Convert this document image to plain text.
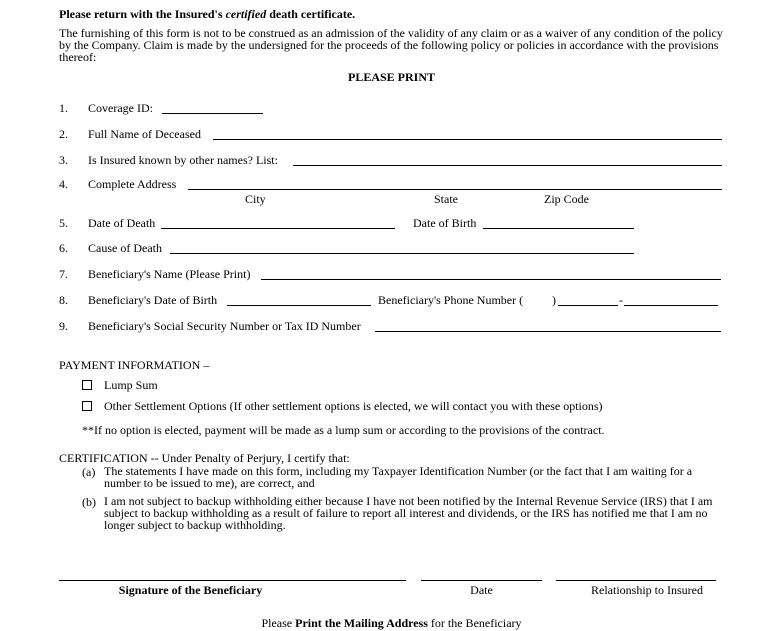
Please return with the Insured's certified death certificate.
The furnishing of this form is not to be construed as an admission of the validity of any claim or as a waiver of any condition of the policy by the Company. Claim is made by the undersigned for the proceeds of the following policy or policies in accordance with the provisions thereof:
PLEASE PRINT
1. Coverage ID:
2. Full Name of Deceased
3. Is Insured known by other names? List:
4. Complete Address
City	State	Zip Code
5. Date of Death	Date of Birth
6. Cause of Death
7. Beneficiary's Name (Please Print)
8. Beneficiary's Date of Birth	Beneficiary's Phone Number ( )	-
9. Beneficiary's Social Security Number or Tax ID Number
PAYMENT INFORMATION –
Lump Sum
Other Settlement Options (If other settlement options is elected, we will contact you with these options)
**If no option is elected, payment will be made as a lump sum or according to the provisions of the contract.
CERTIFICATION -- Under Penalty of Perjury, I certify that:
(a) The statements I have made on this form, including my Taxpayer Identification Number (or the fact that I am waiting for a number to be issued to me), are correct, and
(b) I am not subject to backup withholding either because I have not been notified by the Internal Revenue Service (IRS) that I am subject to backup withholding as a result of failure to report all interest and dividends, or the IRS has notified me that I am no longer subject to backup withholding.
Signature of the Beneficiary	Date	Relationship to Insured
Please Print the Mailing Address for the Beneficiary
